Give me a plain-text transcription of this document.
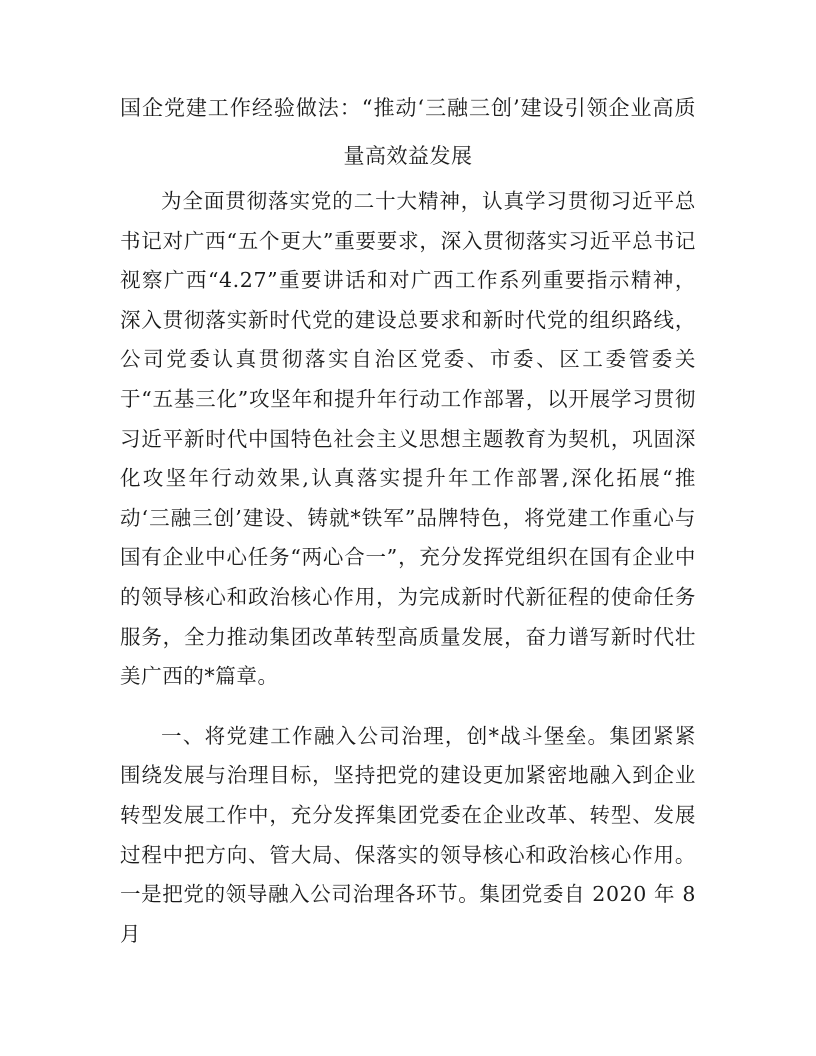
国企党建工作经验做法：“推动‘三融三创’建设引领企业高质量高效益发展

为全面贯彻落实党的二十大精神，认真学习贯彻习近平总书记对广西“五个更大”重要要求，深入贯彻落实习近平总书记视察广西“4.27”重要讲话和对广西工作系列重要指示精神，深入贯彻落实新时代党的建设总要求和新时代党的组织路线，公司党委认真贯彻落实自治区党委、市委、区工委管委关于“五基三化”攻坚年和提升年行动工作部署，以开展学习贯彻习近平新时代中国特色社会主义思想主题教育为契机，巩固深化攻坚年行动效果,认真落实提升年工作部署,深化拓展“推动‘三融三创’建设、铸就*铁军”品牌特色，将党建工作重心与国有企业中心任务“两心合一”，充分发挥党组织在国有企业中的领导核心和政治核心作用，为完成新时代新征程的使命任务服务，全力推动集团改革转型高质量发展，奋力谱写新时代壮美广西的*篇章。

一、将党建工作融入公司治理，创*战斗堡垒。集团紧紧围绕发展与治理目标，坚持把党的建设更加紧密地融入到企业转型发展工作中，充分发挥集团党委在企业改革、转型、发展过程中把方向、管大局、保落实的领导核心和政治核心作用。一是把党的领导融入公司治理各环节。集团党委自 2020 年 8 月
